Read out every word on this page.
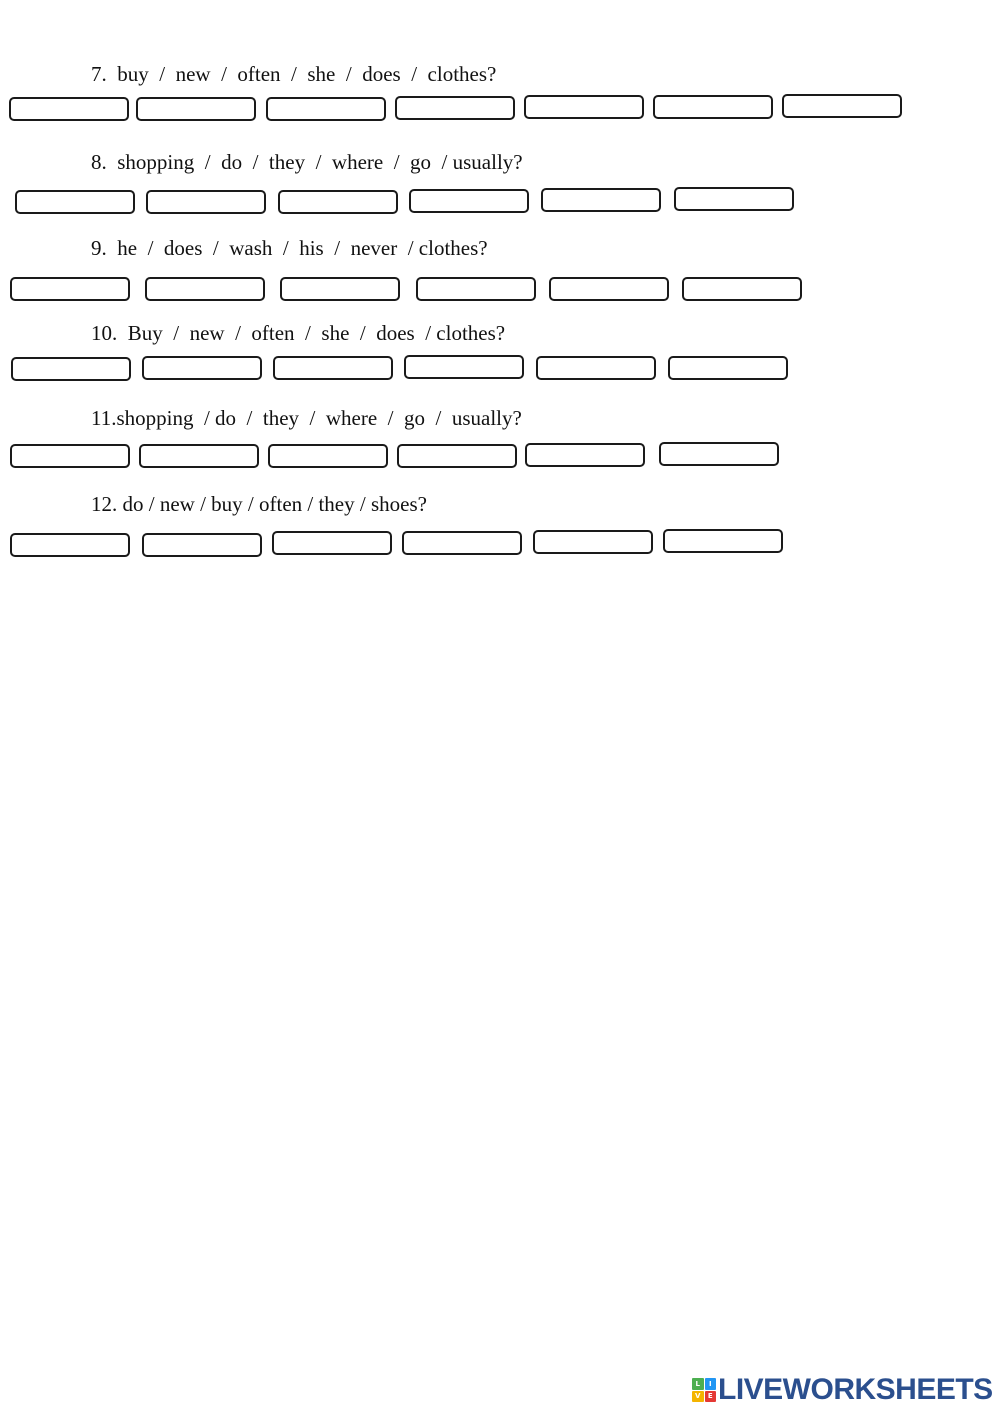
7.  buy  /  new  /  often  /  she  /  does  /  clothes?
8.  shopping  /  do  /  they  /  where  /  go  / usually?
9.  he  /  does  /  wash  /  his  /  never  / clothes?
10.  Buy  /  new  /  often  /  she  /  does  / clothes?
11.shopping  / do  /  they  /  where  /  go  /  usually?
12. do / new / buy / often / they / shoes?
L	I
V	E LIVEWORKSHEETS
